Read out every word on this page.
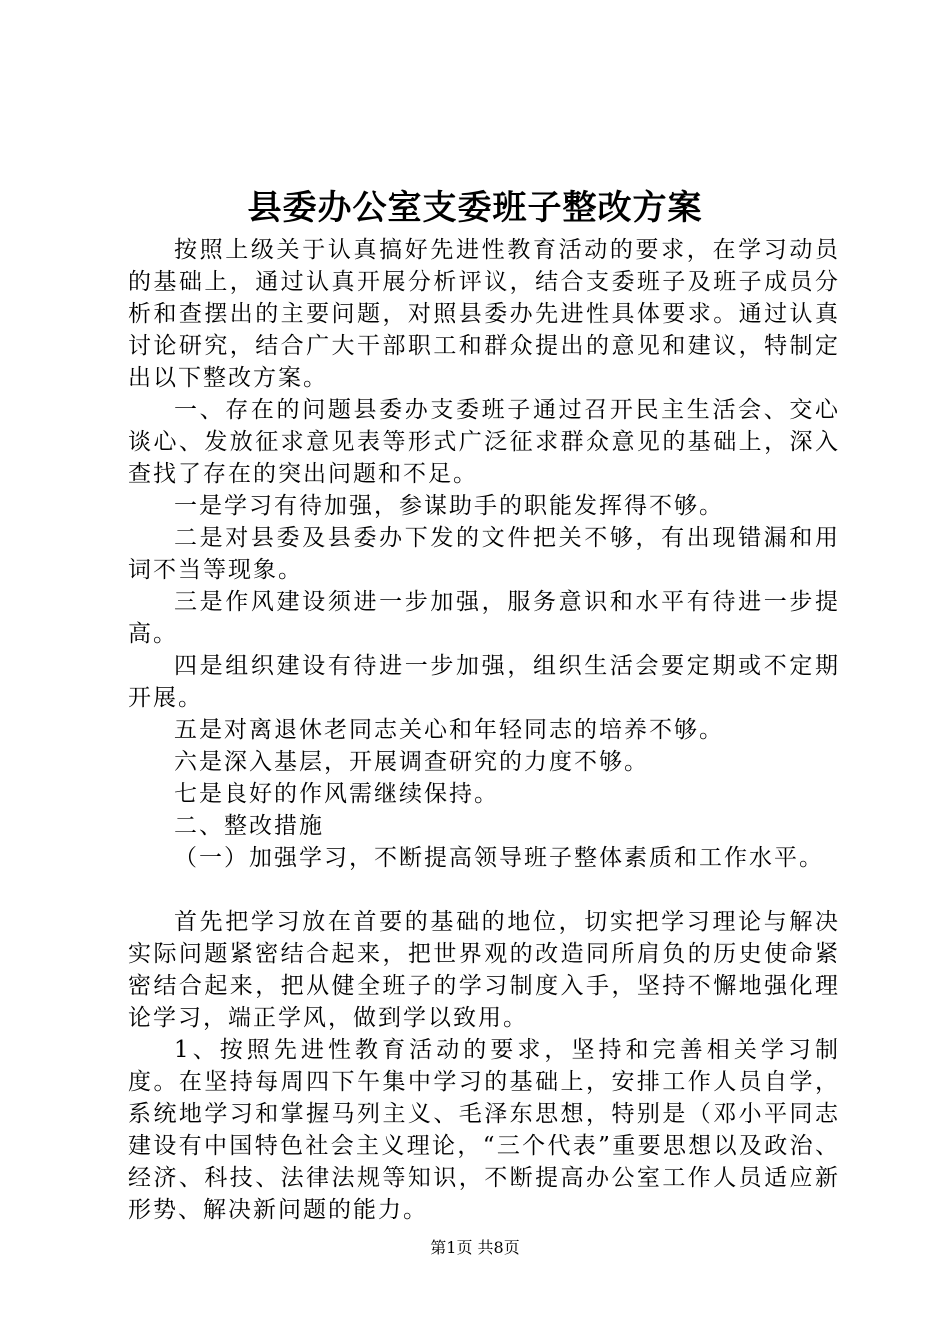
县委办公室支委班子整改方案

按照上级关于认真搞好先进性教育活动的要求，在学习动员的基础上，通过认真开展分析评议，结合支委班子及班子成员分析和查摆出的主要问题，对照县委办先进性具体要求。通过认真讨论研究，结合广大干部职工和群众提出的意见和建议，特制定出以下整改方案。

一、存在的问题县委办支委班子通过召开民主生活会、交心谈心、发放征求意见表等形式广泛征求群众意见的基础上，深入查找了存在的突出问题和不足。

一是学习有待加强，参谋助手的职能发挥得不够。

二是对县委及县委办下发的文件把关不够，有出现错漏和用词不当等现象。

三是作风建设须进一步加强，服务意识和水平有待进一步提高。

四是组织建设有待进一步加强，组织生活会要定期或不定期开展。

五是对离退休老同志关心和年轻同志的培养不够。

六是深入基层，开展调查研究的力度不够。

七是良好的作风需继续保持。

二、整改措施

（一）加强学习，不断提高领导班子整体素质和工作水平。

首先把学习放在首要的基础的地位，切实把学习理论与解决实际问题紧密结合起来，把世界观的改造同所肩负的历史使命紧密结合起来，把从健全班子的学习制度入手，坚持不懈地强化理论学习，端正学风，做到学以致用。

1、按照先进性教育活动的要求，坚持和完善相关学习制度。在坚持每周四下午集中学习的基础上，安排工作人员自学，系统地学习和掌握马列主义、毛泽东思想，特别是（邓小平同志建设有中国特色社会主义理论，“三个代表”重要思想以及政治、经济、科技、法律法规等知识，不断提高办公室工作人员适应新形势、解决新问题的能力。

第1页 共8页
